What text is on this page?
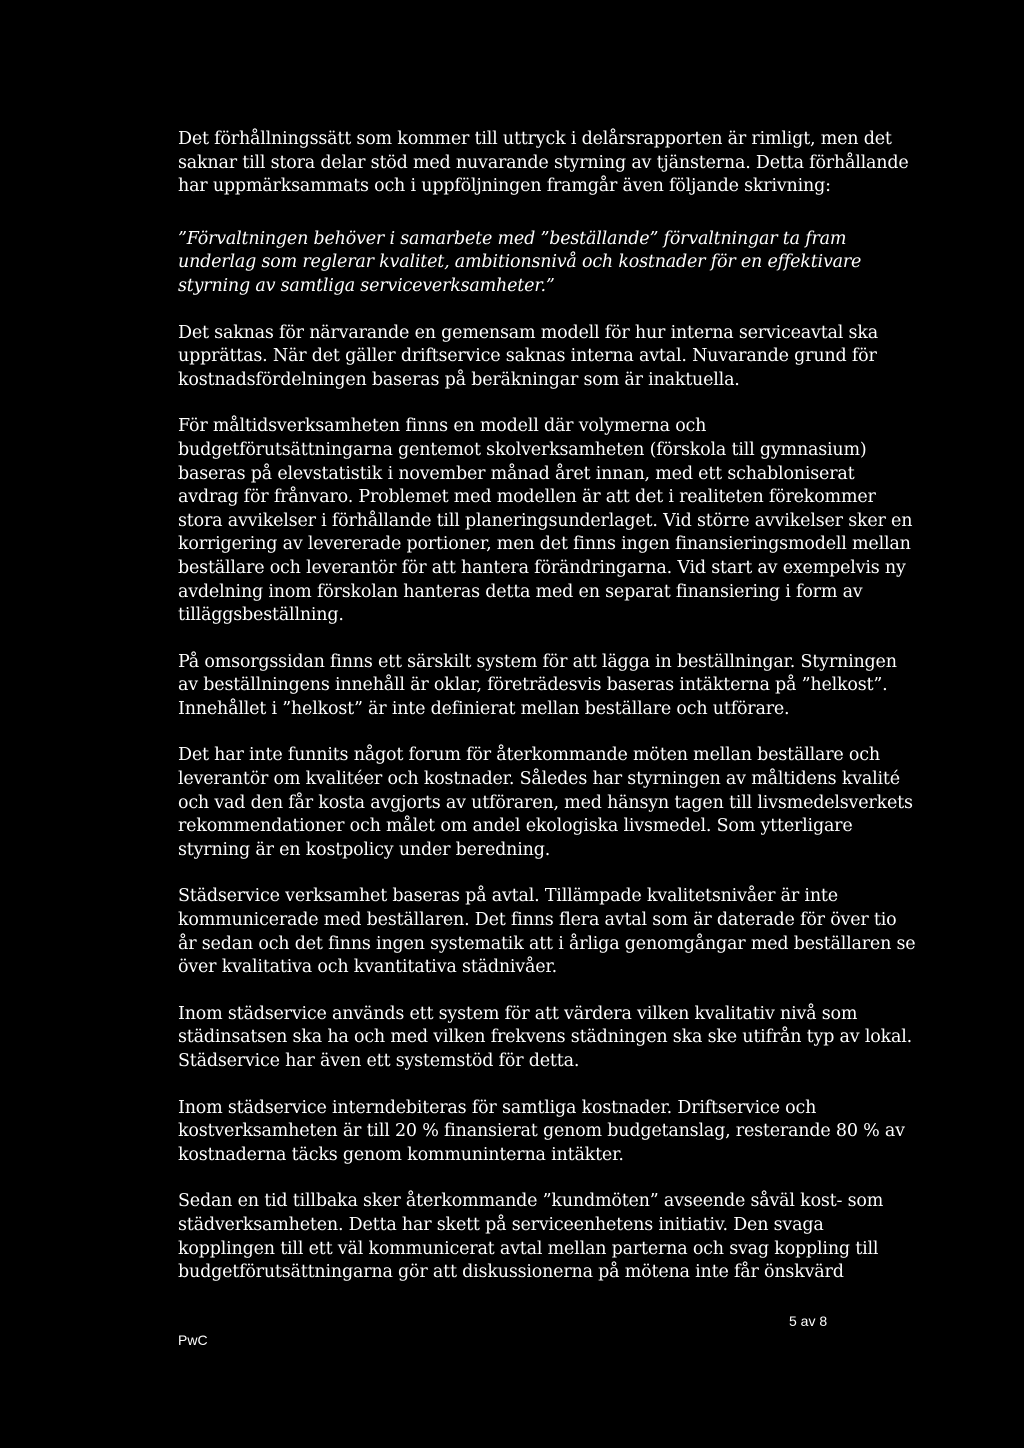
Det förhållningssätt som kommer till uttryck i delårsrapporten är rimligt, men det
saknar till stora delar stöd med nuvarande styrning av tjänsterna. Detta förhållande
har uppmärksammats och i uppföljningen framgår även följande skrivning:

”Förvaltningen behöver i samarbete med ”beställande” förvaltningar ta fram
underlag som reglerar kvalitet, ambitionsnivå och kostnader för en effektivare
styrning av samtliga serviceverksamheter.”

Det saknas för närvarande en gemensam modell för hur interna serviceavtal ska
upprättas. När det gäller driftservice saknas interna avtal. Nuvarande grund för
kostnadsfördelningen baseras på beräkningar som är inaktuella.

För måltidsverksamheten finns en modell där volymerna och
budgetförutsättningarna gentemot skolverksamheten (förskola till gymnasium)
baseras på elevstatistik i november månad året innan, med ett schabloniserat
avdrag för frånvaro. Problemet med modellen är att det i realiteten förekommer
stora avvikelser i förhållande till planeringsunderlaget. Vid större avvikelser sker en
korrigering av levererade portioner, men det finns ingen finansieringsmodell mellan
beställare och leverantör för att hantera förändringarna. Vid start av exempelvis ny
avdelning inom förskolan hanteras detta med en separat finansiering i form av
tilläggsbeställning.

På omsorgssidan finns ett särskilt system för att lägga in beställningar. Styrningen
av beställningens innehåll är oklar, företrädesvis baseras intäkterna på ”helkost”.
Innehållet i ”helkost” är inte definierat mellan beställare och utförare.

Det har inte funnits något forum för återkommande möten mellan beställare och
leverantör om kvalitéer och kostnader. Således har styrningen av måltidens kvalité
och vad den får kosta avgjorts av utföraren, med hänsyn tagen till livsmedelsverkets
rekommendationer och målet om andel ekologiska livsmedel. Som ytterligare
styrning är en kostpolicy under beredning.

Städservice verksamhet baseras på avtal. Tillämpade kvalitetsnivåer är inte
kommunicerade med beställaren. Det finns flera avtal som är daterade för över tio
år sedan och det finns ingen systematik att i årliga genomgångar med beställaren se
över kvalitativa och kvantitativa städnivåer.

Inom städservice används ett system för att värdera vilken kvalitativ nivå som
städinsatsen ska ha och med vilken frekvens städningen ska ske utifrån typ av lokal.
Städservice har även ett systemstöd för detta.

Inom städservice interndebiteras för samtliga kostnader. Driftservice och
kostverksamheten är till 20 % finansierat genom budgetanslag, resterande 80 % av
kostnaderna täcks genom kommuninterna intäkter.

Sedan en tid tillbaka sker återkommande ”kundmöten” avseende såväl kost- som
städverksamheten. Detta har skett på serviceenhetens initiativ. Den svaga
kopplingen till ett väl kommunicerat avtal mellan parterna och svag koppling till
budgetförutsättningarna gör att diskussionerna på mötena inte får önskvärd

PwC
5 av 8
